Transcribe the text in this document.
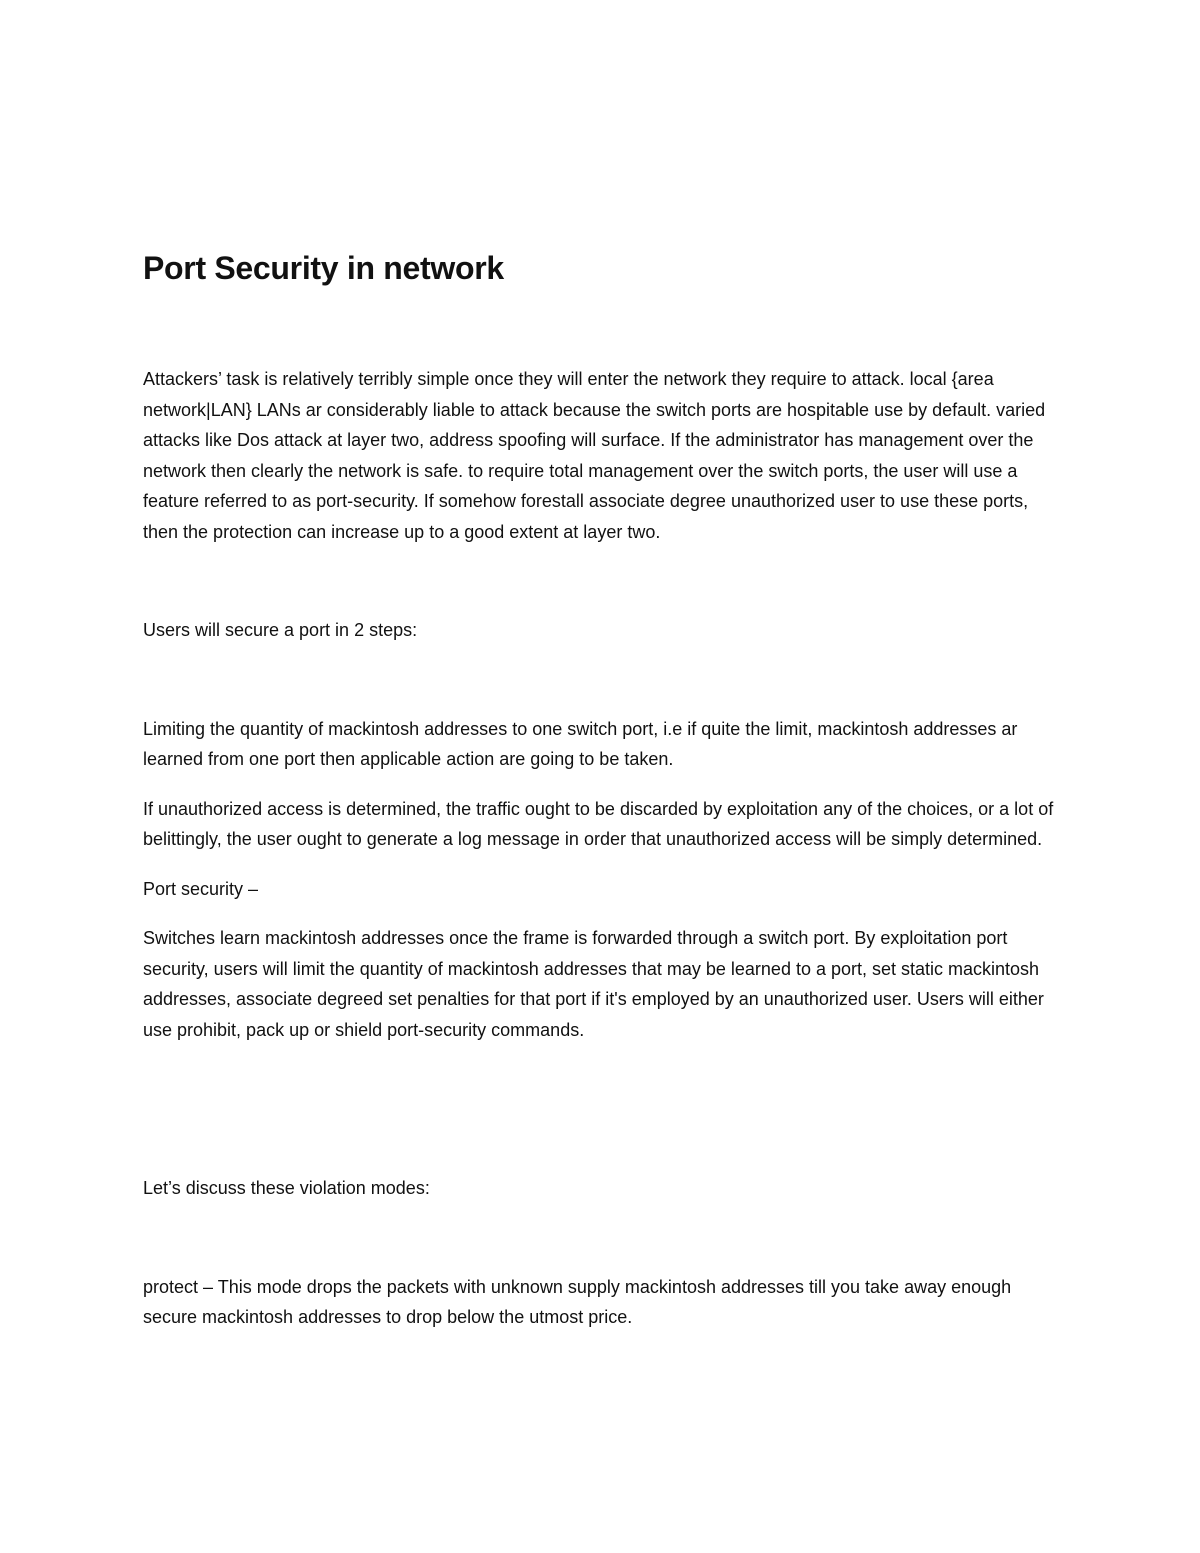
Port Security in network

Attackers’ task is relatively terribly simple once they will enter the network they require to attack. local {area network|LAN} LANs ar considerably liable to attack because the switch ports are hospitable use by default. varied attacks like Dos attack at layer two, address spoofing will surface. If the administrator has management over the network then clearly the network is safe. to require total management over the switch ports, the user will use a feature referred to as port-security. If somehow forestall associate degree unauthorized user to use these ports, then the protection can increase up to a good extent at layer two.

Users will secure a port in 2 steps:

Limiting the quantity of mackintosh addresses to one switch port, i.e if quite the limit, mackintosh addresses ar learned from one port then applicable action are going to be taken.

If unauthorized access is determined, the traffic ought to be discarded by exploitation any of the choices, or a lot of belittingly, the user ought to generate a log message in order that unauthorized access will be simply determined.

Port security –

Switches learn mackintosh addresses once the frame is forwarded through a switch port. By exploitation port security, users will limit the quantity of mackintosh addresses that may be learned to a port, set static mackintosh addresses, associate degreed set penalties for that port if it's employed by an unauthorized user. Users will either use prohibit, pack up or shield port-security commands.

Let’s discuss these violation modes:

protect – This mode drops the packets with unknown supply mackintosh addresses till you take away enough secure mackintosh addresses to drop below the utmost price.
